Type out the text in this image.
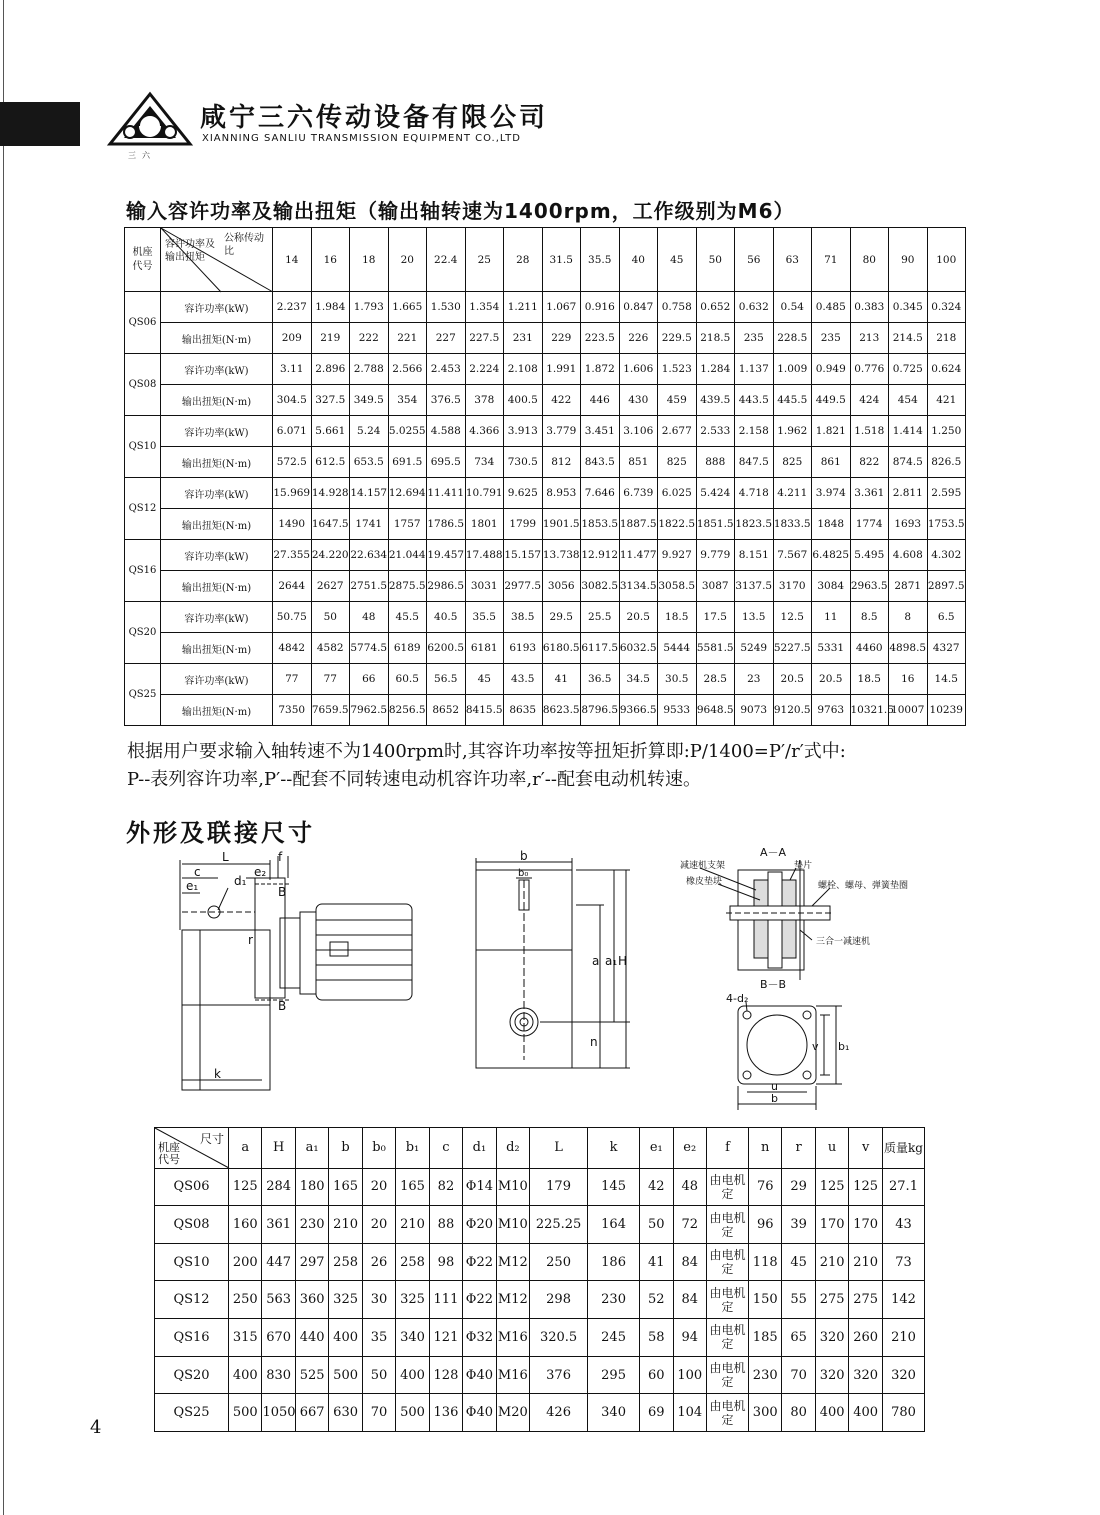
三六
咸宁三六传动设备有限公司
XIANNING SANLIU TRANSMISSION EQUIPMENT CO.,LTD
输入容许功率及输出扭矩（输出轴转速为1400rpm，工作级别为M6）
机座代号	容许功率及输出扭矩
公称传动比	14	16	18	20	22.4	25	28	31.5	35.5	40	45	50	56	63	71	80	90	100
QS06	容许功率(kW)	2.237	1.984	1.793	1.665	1.530	1.354	1.211	1.067	0.916	0.847	0.758	0.652	0.632	0.54	0.485	0.383	0.345	0.324
	输出扭矩(N·m)	209	219	222	221	227	227.5	231	229	223.5	226	229.5	218.5	235	228.5	235	213	214.5	218
QS08	容许功率(kW)	3.11	2.896	2.788	2.566	2.453	2.224	2.108	1.991	1.872	1.606	1.523	1.284	1.137	1.009	0.949	0.776	0.725	0.624
	输出扭矩(N·m)	304.5	327.5	349.5	354	376.5	378	400.5	422	446	430	459	439.5	443.5	445.5	449.5	424	454	421
QS10	容许功率(kW)	6.071	5.661	5.24	5.0255	4.588	4.366	3.913	3.779	3.451	3.106	2.677	2.533	2.158	1.962	1.821	1.518	1.414	1.250
	输出扭矩(N·m)	572.5	612.5	653.5	691.5	695.5	734	730.5	812	843.5	851	825	888	847.5	825	861	822	874.5	826.5
QS12	容许功率(kW)	15.969	14.928	14.157	12.694	11.411	10.791	9.625	8.953	7.646	6.739	6.025	5.424	4.718	4.211	3.974	3.361	2.811	2.595
	输出扭矩(N·m)	1490	1647.5	1741	1757	1786.5	1801	1799	1901.5	1853.5	1887.5	1822.5	1851.5	1823.5	1833.5	1848	1774	1693	1753.5
QS16	容许功率(kW)	27.355	24.220	22.634	21.044	19.457	17.488	15.157	13.738	12.912	11.477	9.927	9.779	8.151	7.567	6.4825	5.495	4.608	4.302
	输出扭矩(N·m)	2644	2627	2751.5	2875.5	2986.5	3031	2977.5	3056	3082.5	3134.5	3058.5	3087	3137.5	3170	3084	2963.5	2871	2897.5
QS20	容许功率(kW)	50.75	50	48	45.5	40.5	35.5	38.5	29.5	25.5	20.5	18.5	17.5	13.5	12.5	11	8.5	8	6.5
	输出扭矩(N·m)	4842	4582	5774.5	6189	6200.5	6181	6193	6180.5	6117.5	6032.5	5444	5581.5	5249	5227.5	5331	4460	4898.5	4327
QS25	容许功率(kW)	77	77	66	60.5	56.5	45	43.5	41	36.5	34.5	30.5	28.5	23	20.5	20.5	18.5	16	14.5
	输出扭矩(N·m)	7350	7659.5	7962.5	8256.5	8652	8415.5	8635	8623.5	8796.5	9366.5	9533	9648.5	9073	9120.5	9763	10321.5	10007	10239
根据用户要求输入轴转速不为1400rpm时,其容许功率按等扭矩折算即:P/1400=P′/r′式中:
P--表列容许功率,P′--配套不同转速电动机容许功率,r′--配套电动机转速。
外形及联接尺寸
L	f
c	e₂
e₁	d₁
B
r
B
k
b
b₀
a a₁ H
n
A－A
减速机支架
橡皮垫块
垫片
螺栓、螺母、弹簧垫圈
三合一减速机
B－B
4-d₂
u
b
v b₁
尺寸
机座代号	a	H	a₁	b	b₀	b₁	c	d₁	d₂	L	k	e₁	e₂	f	n	r	u	v	质量kg
QS06	125	284	180	165	20	165	82	Φ14	M10	179	145	42	48	由电机定	76	29	125	125	27.1
QS08	160	361	230	210	20	210	88	Φ20	M10	225.25	164	50	72	由电机定	96	39	170	170	43
QS10	200	447	297	258	26	258	98	Φ22	M12	250	186	41	84	由电机定	118	45	210	210	73
QS12	250	563	360	325	30	325	111	Φ22	M12	298	230	52	84	由电机定	150	55	275	275	142
QS16	315	670	440	400	35	340	121	Φ32	M16	320.5	245	58	94	由电机定	185	65	320	260	210
QS20	400	830	525	500	50	400	128	Φ40	M16	376	295	60	100	由电机定	230	70	320	320	320
QS25	500	1050	667	630	70	500	136	Φ40	M20	426	340	69	104	由电机定	300	80	400	400	780
4
